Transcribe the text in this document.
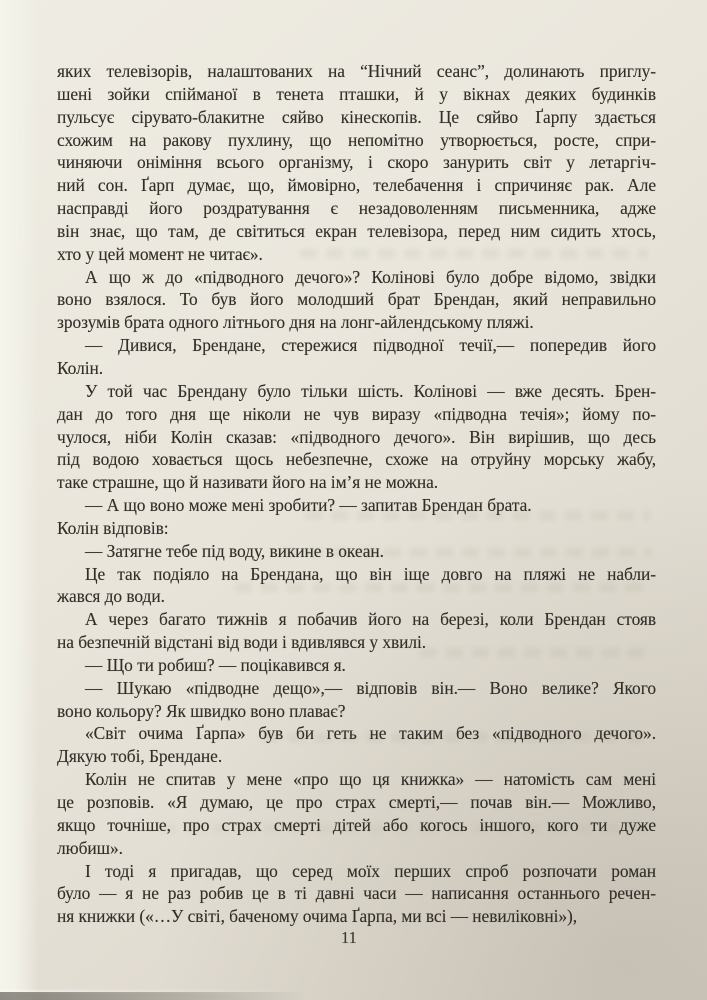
яких телевізорів, налаштованих на “Нічний сеанс”, долинають приглу-
шені зойки спійманої в тенета пташки, й у вікнах деяких будинків
пульсує сірувато-блакитне сяйво кінескопів. Це сяйво Ґарпу здається
схожим на ракову пухлину, що непомітно утворюється, росте, спри-
чиняючи оніміння всього організму, і скоро занурить світ у летаргіч-
ний сон. Ґарп думає, що, ймовірно, телебачення і спричиняє рак. Але
насправді його роздратування є незадоволенням письменника, адже
він знає, що там, де світиться екран телевізора, перед ним сидить хтось,
хто у цей момент не читає».
А що ж до «підводного дечого»? Колінові було добре відомо, звідки
воно взялося. То був його молодший брат Брендан, який неправильно
зрозумів брата одного літнього дня на лонг-айлендському пляжі.
— Дивися, Брендане, стережися підводної течії,— попередив його
Колін.
У той час Брендану було тільки шість. Колінові — вже десять. Брен-
дан до того дня ще ніколи не чув виразу «підводна течія»; йому по-
чулося, ніби Колін сказав: «підводного дечого». Він вирішив, що десь
під водою ховається щось небезпечне, схоже на отруйну морську жабу,
таке страшне, що й називати його на ім’я не можна.
— А що воно може мені зробити? — запитав Брендан брата.
Колін відповів:
— Затягне тебе під воду, викине в океан.
Це так подіяло на Брендана, що він іще довго на пляжі не набли-
жався до води.
А через багато тижнів я побачив його на березі, коли Брендан стояв
на безпечній відстані від води і вдивлявся у хвилі.
— Що ти робиш? — поцікавився я.
— Шукаю «підводне дещо»,— відповів він.— Воно велике? Якого
воно кольору? Як швидко воно плаває?
«Світ очима Ґарпа» був би геть не таким без «підводного дечого».
Дякую тобі, Брендане.
Колін не спитав у мене «про що ця книжка» — натомість сам мені
це розповів. «Я думаю, це про страх смерті,— почав він.— Можливо,
якщо точніше, про страх смерті дітей або когось іншого, кого ти дуже
любиш».
І тоді я пригадав, що серед моїх перших спроб розпочати роман
було — я не раз робив це в ті давні часи — написання останнього речен-
ня книжки («…У світі, баченому очима Ґарпа, ми всі — невиліковні»),
11
